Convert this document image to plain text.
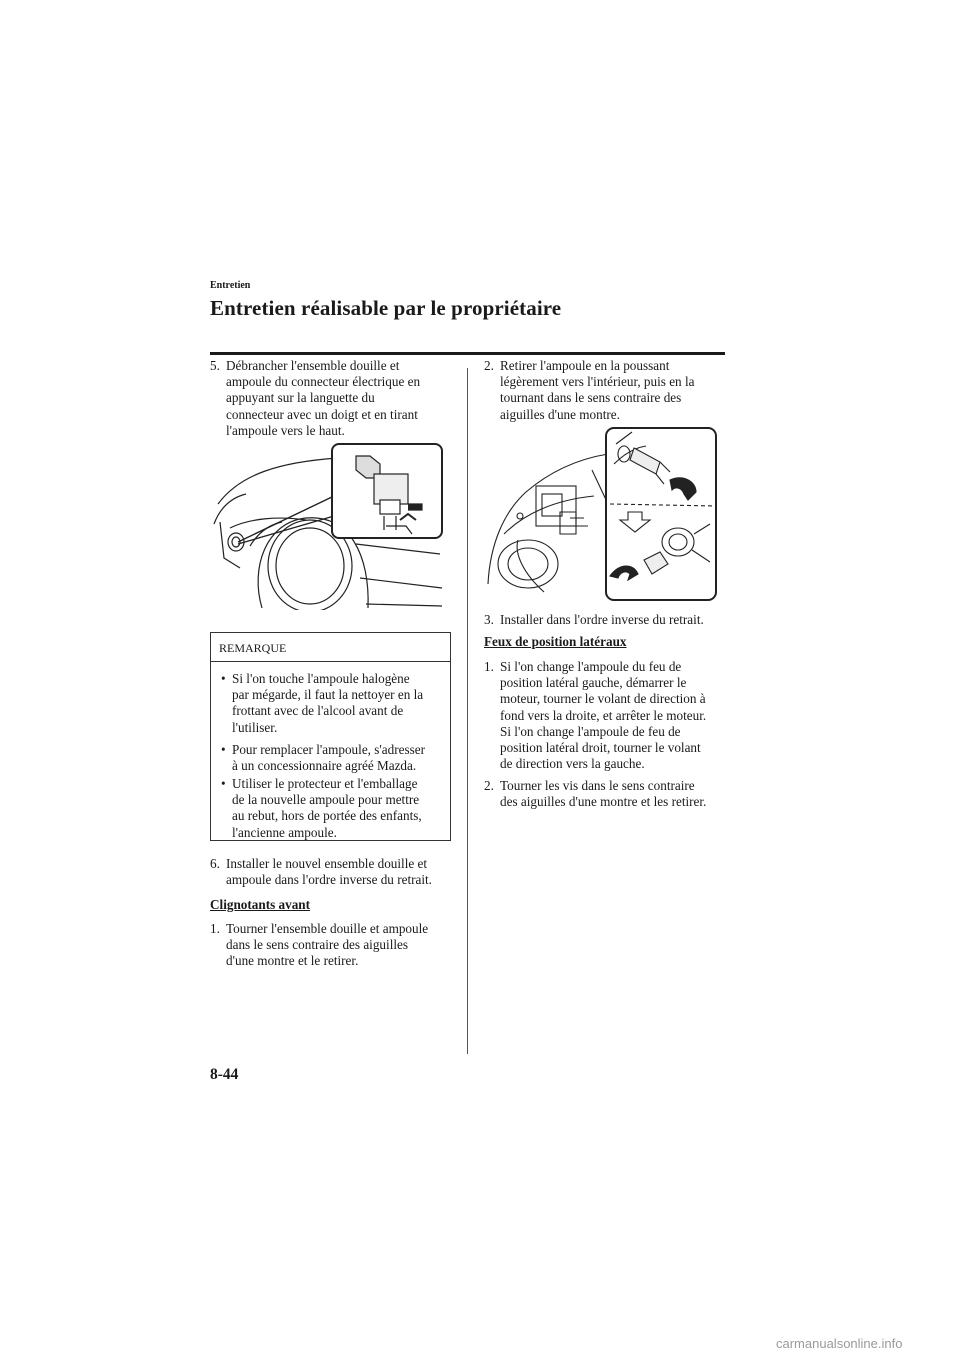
Entretien
Entretien réalisable par le propriétaire
5. Débrancher l'ensemble douille et
ampoule du connecteur électrique en
appuyant sur la languette du
connecteur avec un doigt et en tirant
l'ampoule vers le haut.
REMARQUE
• Si l'on touche l'ampoule halogène
par mégarde, il faut la nettoyer en la
frottant avec de l'alcool avant de
l'utiliser.
• Pour remplacer l'ampoule, s'adresser
à un concessionnaire agréé Mazda.
• Utiliser le protecteur et l'emballage
de la nouvelle ampoule pour mettre
au rebut, hors de portée des enfants,
l'ancienne ampoule.
6. Installer le nouvel ensemble douille et
ampoule dans l'ordre inverse du retrait.
Clignotants avant
1. Tourner l'ensemble douille et ampoule
dans le sens contraire des aiguilles
d'une montre et le retirer.
2. Retirer l'ampoule en la poussant
légèrement vers l'intérieur, puis en la
tournant dans le sens contraire des
aiguilles d'une montre.
3. Installer dans l'ordre inverse du retrait.
Feux de position latéraux
1. Si l'on change l'ampoule du feu de
position latéral gauche, démarrer le
moteur, tourner le volant de direction à
fond vers la droite, et arrêter le moteur.
Si l'on change l'ampoule de feu de
position latéral droit, tourner le volant
de direction vers la gauche.
2. Tourner les vis dans le sens contraire
des aiguilles d'une montre et les retirer.
8-44
carmanualsonline.info
